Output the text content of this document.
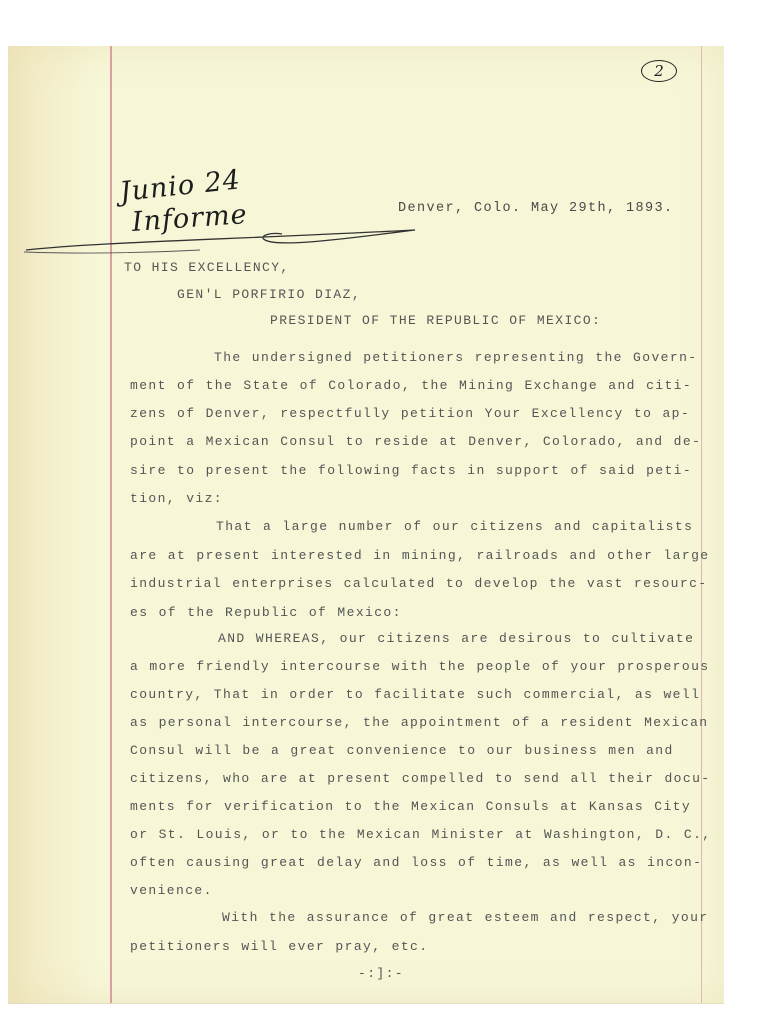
2
Junio 24
Informe	Denver, Colo. May 29th, 1893.
TO HIS EXCELLENCY,
GEN'L PORFIRIO DIAZ,
PRESIDENT OF THE REPUBLIC OF MEXICO:
The undersigned petitioners representing the Govern-
ment of the State of Colorado, the Mining Exchange and citi-
zens of Denver, respectfully petition Your Excellency to ap-
point a Mexican Consul to reside at Denver, Colorado, and de-
sire to present the following facts in support of said peti-
tion, viz:
That a large number of our citizens and capitalists
are at present interested in mining, railroads and other large
industrial enterprises calculated to develop the vast resourc-
es of the Republic of Mexico:
AND WHEREAS, our citizens are desirous to cultivate
a more friendly intercourse with the people of your prosperous
country, That in order to facilitate such commercial, as well
as personal intercourse, the appointment of a resident Mexican
Consul will be a great convenience to our business men and
citizens, who are at present compelled to send all their docu-
ments for verification to the Mexican Consuls at Kansas City
or St. Louis, or to the Mexican Minister at Washington, D. C.,
often causing great delay and loss of time, as well as incon-
venience.
With the assurance of great esteem and respect, your
petitioners will ever pray, etc.
-:]:-
